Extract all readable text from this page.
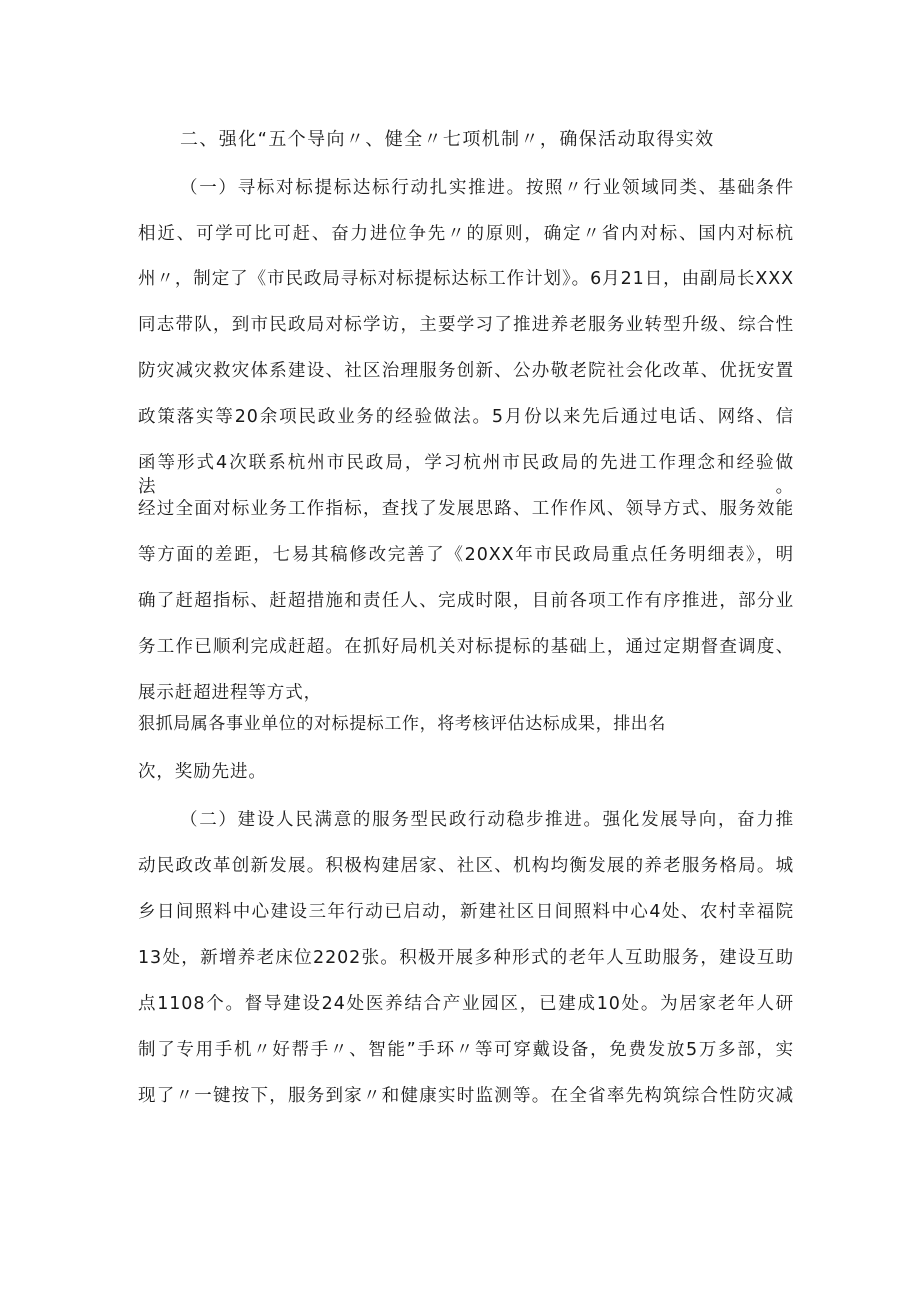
二、强化“五个导向〃、健全〃七项机制〃，确保活动取得实效
（一）寻标对标提标达标行动扎实推进。按照〃行业领域同类、基础条件
相近、可学可比可赶、奋力进位争先〃的原则，确定〃省内对标、国内对标杭
州〃，制定了《市民政局寻标对标提标达标工作计划》。6月21日，由副局长XXX
同志带队，到市民政局对标学访，主要学习了推进养老服务业转型升级、综合性
防灾减灾救灾体系建设、社区治理服务创新、公办敬老院社会化改革、优抚安置
政策落实等20余项民政业务的经验做法。5月份以来先后通过电话、网络、信
函等形式4次联系杭州市民政局，学习杭州市民政局的先进工作理念和经验做法。
经过全面对标业务工作指标，查找了发展思路、工作作风、领导方式、服务效能
等方面的差距，七易其稿修改完善了《20XX年市民政局重点任务明细表》，明
确了赶超指标、赶超措施和责任人、完成时限，目前各项工作有序推进，部分业
务工作已顺利完成赶超。在抓好局机关对标提标的基础上，通过定期督查调度、
展示赶超进程等方式，
狠抓局属各事业单位的对标提标工作，将考核评估达标成果，排出名
次，奖励先进。
（二）建设人民满意的服务型民政行动稳步推进。强化发展导向，奋力推
动民政改革创新发展。积极构建居家、社区、机构均衡发展的养老服务格局。城
乡日间照料中心建设三年行动已启动，新建社区日间照料中心4处、农村幸福院
13处，新增养老床位2202张。积极开展多种形式的老年人互助服务，建设互助
点1108个。督导建设24处医养结合产业园区，已建成10处。为居家老年人研
制了专用手机〃好帮手〃、智能”手环〃等可穿戴设备，免费发放5万多部，实
现了〃一键按下，服务到家〃和健康实时监测等。在全省率先构筑综合性防灾减
